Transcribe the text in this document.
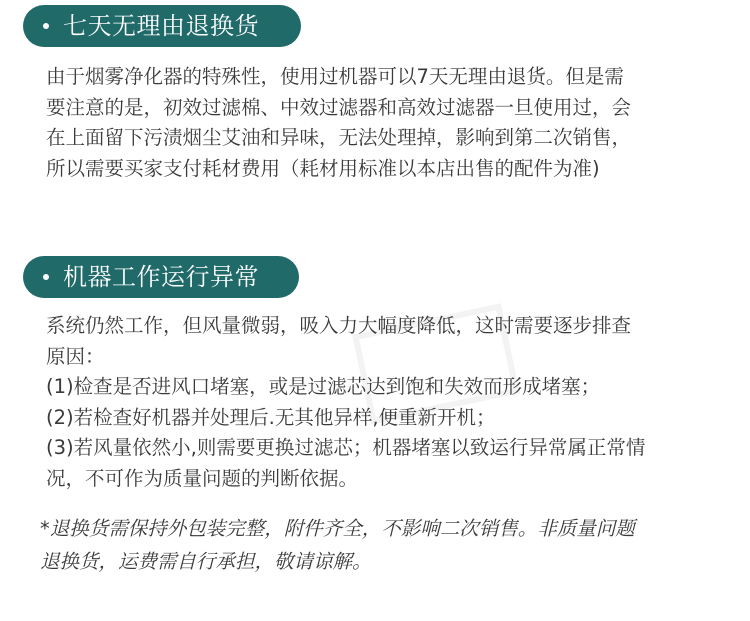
七天无理由退换货
由于烟雾净化器的特殊性，使用过机器可以7天无理由退货。但是需
要注意的是，初效过滤棉、中效过滤器和高效过滤器一旦使用过，会
在上面留下污渍烟尘艾油和异味，无法处理掉，影响到第二次销售，
所以需要买家支付耗材费用（耗材用标准以本店出售的配件为准)
机器工作运行异常
系统仍然工作，但风量微弱，吸入力大幅度降低，这时需要逐步排查
原因：
(1)检查是否进风口堵塞，或是过滤芯达到饱和失效而形成堵塞；
(2)若检查好机器并处理后.无其他异样,便重新开机；
(3)若风量依然小,则需要更换过滤芯；机器堵塞以致运行异常属正常情
况，不可作为质量问题的判断依据。
*退换货需保持外包装完整，附件齐全，不影响二次销售。非质量问题
退换货，运费需自行承担，敬请谅解。
